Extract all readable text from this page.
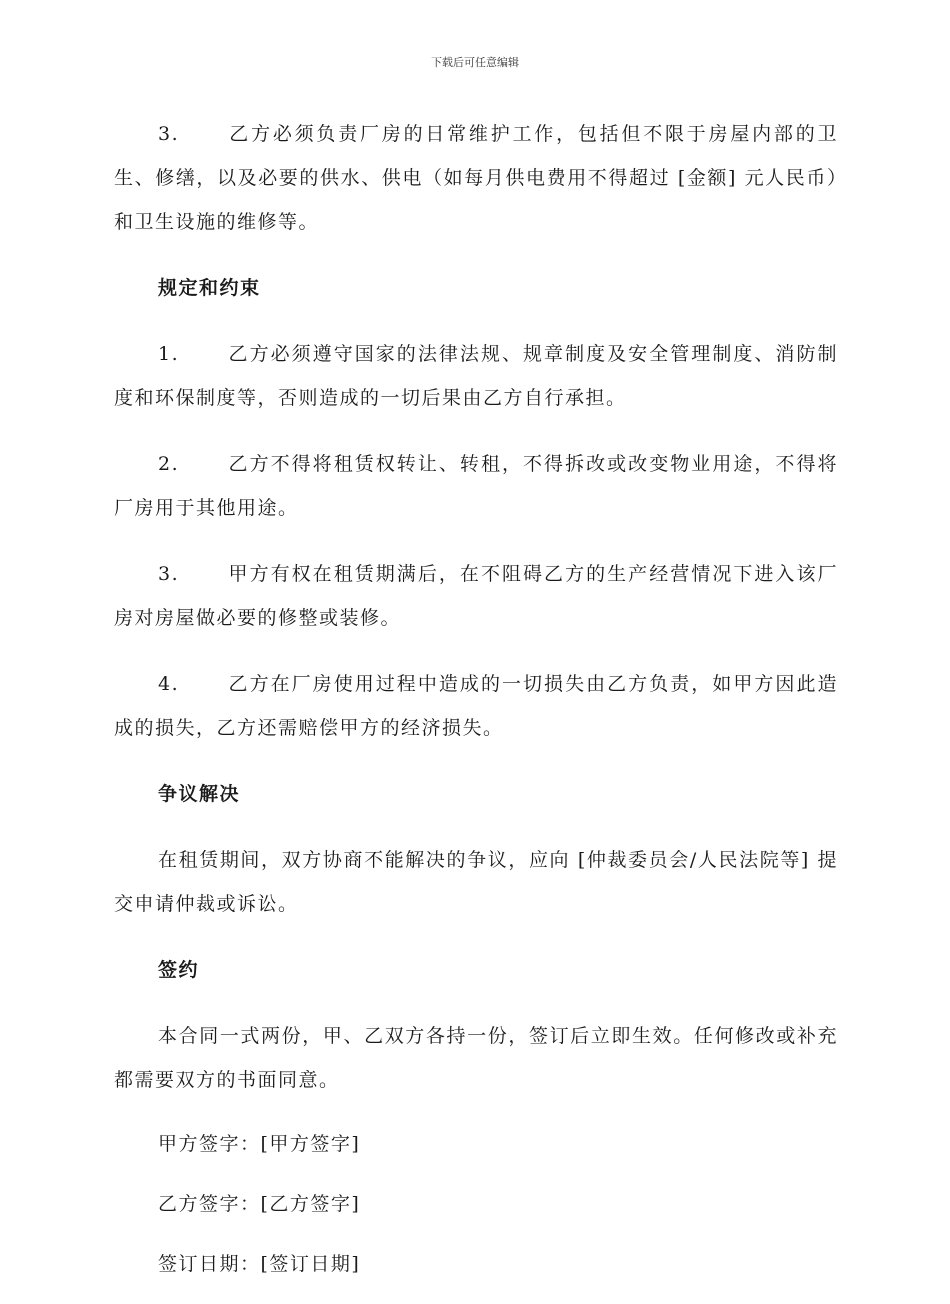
下载后可任意编辑

3.	乙方必须负责厂房的日常维护工作，包括但不限于房屋内部的卫生、修缮，以及必要的供水、供电（如每月供电费用不得超过 [金额] 元人民币）和卫生设施的维修等。

规定和约束

1.	乙方必须遵守国家的法律法规、规章制度及安全管理制度、消防制度和环保制度等，否则造成的一切后果由乙方自行承担。

2.	乙方不得将租赁权转让、转租，不得拆改或改变物业用途，不得将厂房用于其他用途。

3.	甲方有权在租赁期满后，在不阻碍乙方的生产经营情况下进入该厂房对房屋做必要的修整或装修。

4.	乙方在厂房使用过程中造成的一切损失由乙方负责，如甲方因此造成的损失，乙方还需赔偿甲方的经济损失。

争议解决

在租赁期间，双方协商不能解决的争议，应向 [仲裁委员会/人民法院等] 提交申请仲裁或诉讼。

签约

本合同一式两份，甲、乙双方各持一份，签订后立即生效。任何修改或补充都需要双方的书面同意。

甲方签字：[甲方签字]

乙方签字：[乙方签字]

签订日期：[签订日期]
